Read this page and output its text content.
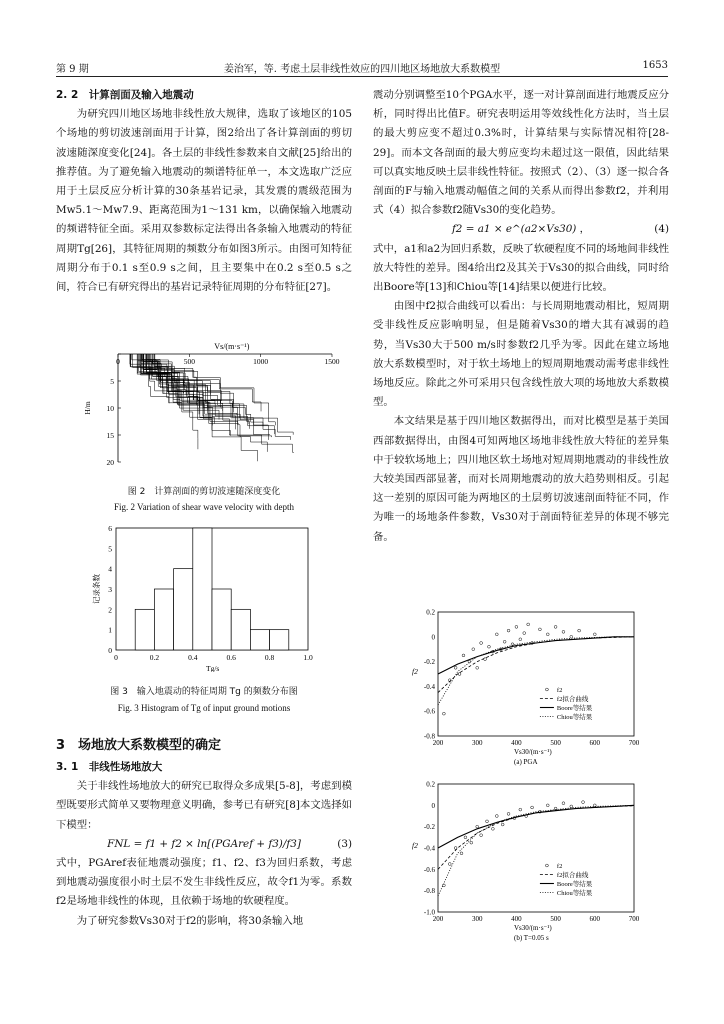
第 9 期	姜治军，等. 考虑土层非线性效应的四川地区场地放大系数模型	1653
2. 2　计算剖面及输入地震动

为研究四川地区场地非线性放大规律，选取了该地区的105个场地的剪切波速剖面用于计算，图2给出了各计算剖面的剪切波速随深度变化[24]。各土层的非线性参数来自文献[25]给出的推荐值。为了避免输入地震动的频谱特征单一，本文选取广泛应用于土层反应分析计算的30条基岩记录，其发震的震级范围为Mw5.1～Mw7.9、距离范围为1～131 km，以确保输入地震动的频谱特征全面。采用双参数标定法得出各条输入地震动的特征周期Tg[26]，其特征周期的频数分布如图3所示。由图可知特征周期分布于0.1 s至0.9 s之间，且主要集中在0.2 s至0.5 s之间，符合已有研究得出的基岩记录特征周期的分布特征[27]。

Vs/(m·s⁻¹)
0	500	1000	1500
5
10
15
20
H/m
图 2　计算剖面的剪切波速随深度变化
Fig. 2 Variation of shear wave velocity with depth
0	0.2	0.4	0.6	0.8	1.0
0
1
2
3
4
5
6
Tg/s
记录条数
图 3　输入地震动的特征周期 Tg 的频数分布图
Fig. 3 Histogram of Tg of input ground motions
3　场地放大系数模型的确定
3. 1　非线性场地放大

关于非线性场地放大的研究已取得众多成果[5-8]，考虑到模型既要形式简单又要物理意义明确，参考已有研究[8]本文选择如下模型：

FNL = f1 + f2 × ln[(PGAref + f3)/f3]	(3)

式中，PGAref表征地震动强度；f1、f2、f3为回归系数，考虑到地震动强度很小时土层不发生非线性反应，故令f1为零。系数f2是场地非线性的体现，且依赖于场地的软硬程度。

为了研究参数Vs30对于f2的影响，将30条输入地

震动分别调整至10个PGA水平，逐一对计算剖面进行地震反应分析，同时得出比值F。研究表明运用等效线性化方法时，当土层的最大剪应变不超过0.3%时，计算结果与实际情况相符[28-29]。而本文各剖面的最大剪应变均未超过这一限值，因此结果可以真实地反映土层非线性特征。按照式（2）、（3）逐一拟合各剖面的F与输入地震动幅值之间的关系从而得出参数f2，并利用式（4）拟合参数f2随Vs30的变化趋势。

f2 = a1 × e^(a2×Vs30) ，	(4)

式中，a1和a2为回归系数，反映了软硬程度不同的场地间非线性放大特性的差异。图4给出f2及其关于Vs30的拟合曲线，同时给出Boore等[13]和Chiou等[14]结果以便进行比较。

由图中f2拟合曲线可以看出：与长周期地震动相比，短周期受非线性反应影响明显，但是随着Vs30的增大其有减弱的趋势，当Vs30大于500 m/s时参数f2几乎为零。因此在建立场地放大系数模型时，对于软土场地上的短周期地震动需考虑非线性场地反应。除此之外可采用只包含线性放大项的场地放大系数模型。

本文结果是基于四川地区数据得出，而对比模型是基于美国西部数据得出，由图4可知两地区场地非线性放大特征的差异集中于较软场地上；四川地区软土场地对短周期地震动的非线性放大较美国西部显著，而对长周期地震动的放大趋势则相反。引起这一差别的原因可能为两地区的土层剪切波速剖面特征不同，作为唯一的场地条件参数，Vs30对于剖面特征差异的体现不够完备。

200	300	400	500	600	700
0.2
0
-0.2
-0.4
-0.6
-0.8
f2
Vs30/(m·s⁻¹)
(a) PGA
f2
f2拟合曲线
Boore等结果
Chiou等结果
200	300	400	500	600	700
0.2
0
-0.2
-0.4
-0.6
-0.8
-1.0
f2
Vs30/(m·s⁻¹)
(b) T=0.05 s
f2
f2拟合曲线
Boore等结果
Chiou等结果
